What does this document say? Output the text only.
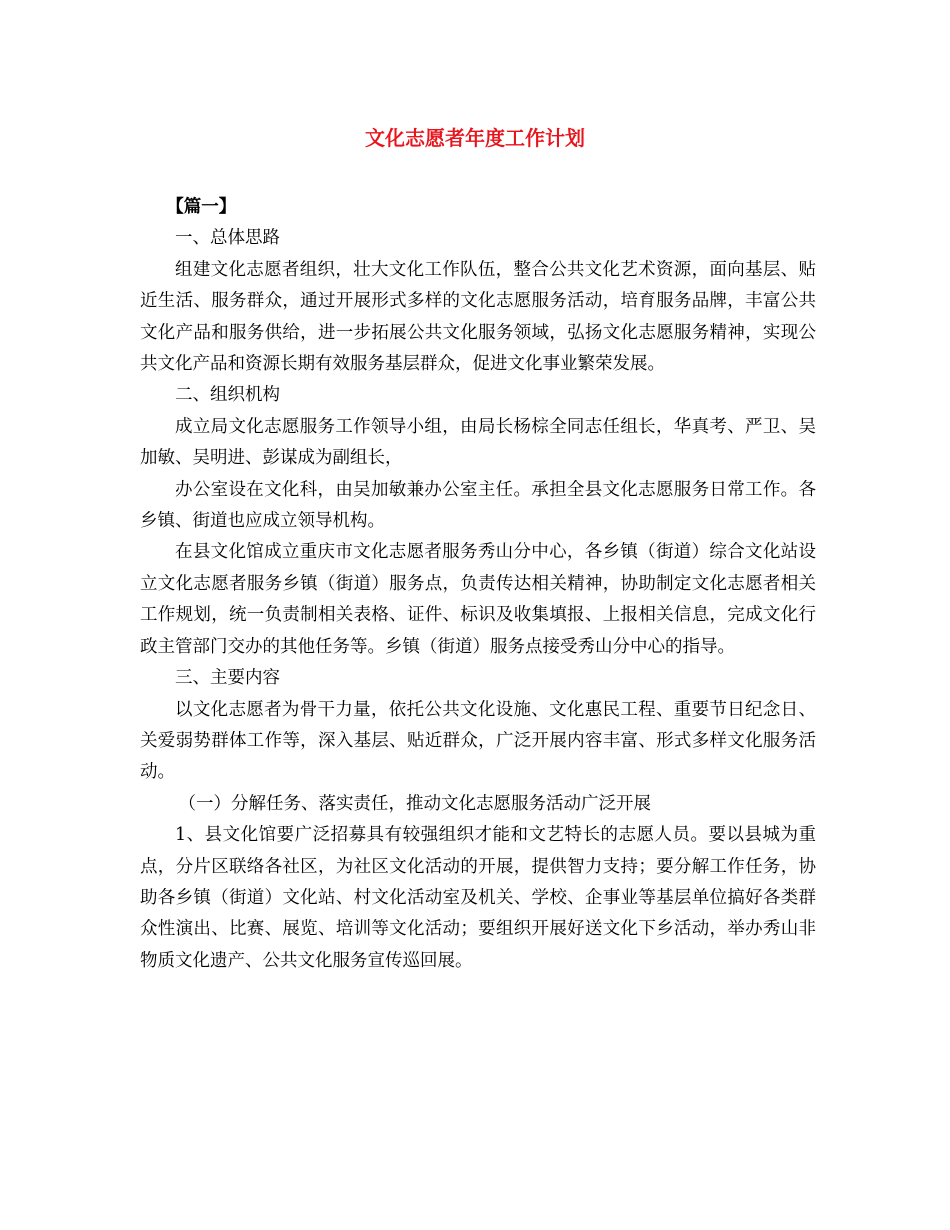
文化志愿者年度工作计划

【篇一】

一、总体思路

组建文化志愿者组织，壮大文化工作队伍，整合公共文化艺术资源，面向基层、贴近生活、服务群众，通过开展形式多样的文化志愿服务活动，培育服务品牌，丰富公共文化产品和服务供给，进一步拓展公共文化服务领域，弘扬文化志愿服务精神，实现公共文化产品和资源长期有效服务基层群众，促进文化事业繁荣发展。

二、组织机构

成立局文化志愿服务工作领导小组，由局长杨棕全同志任组长，华真考、严卫、吴加敏、吴明进、彭谋成为副组长，

办公室设在文化科，由吴加敏兼办公室主任。承担全县文化志愿服务日常工作。各乡镇、街道也应成立领导机构。

在县文化馆成立重庆市文化志愿者服务秀山分中心，各乡镇（街道）综合文化站设立文化志愿者服务乡镇（街道）服务点，负责传达相关精神，协助制定文化志愿者相关工作规划，统一负责制相关表格、证件、标识及收集填报、上报相关信息，完成文化行政主管部门交办的其他任务等。乡镇（街道）服务点接受秀山分中心的指导。

三、主要内容

以文化志愿者为骨干力量，依托公共文化设施、文化惠民工程、重要节日纪念日、关爱弱势群体工作等，深入基层、贴近群众，广泛开展内容丰富、形式多样文化服务活动。

（一）分解任务、落实责任，推动文化志愿服务活动广泛开展

1、县文化馆要广泛招募具有较强组织才能和文艺特长的志愿人员。要以县城为重点，分片区联络各社区，为社区文化活动的开展，提供智力支持；要分解工作任务，协助各乡镇（街道）文化站、村文化活动室及机关、学校、企事业等基层单位搞好各类群众性演出、比赛、展览、培训等文化活动；要组织开展好送文化下乡活动，举办秀山非物质文化遗产、公共文化服务宣传巡回展。
